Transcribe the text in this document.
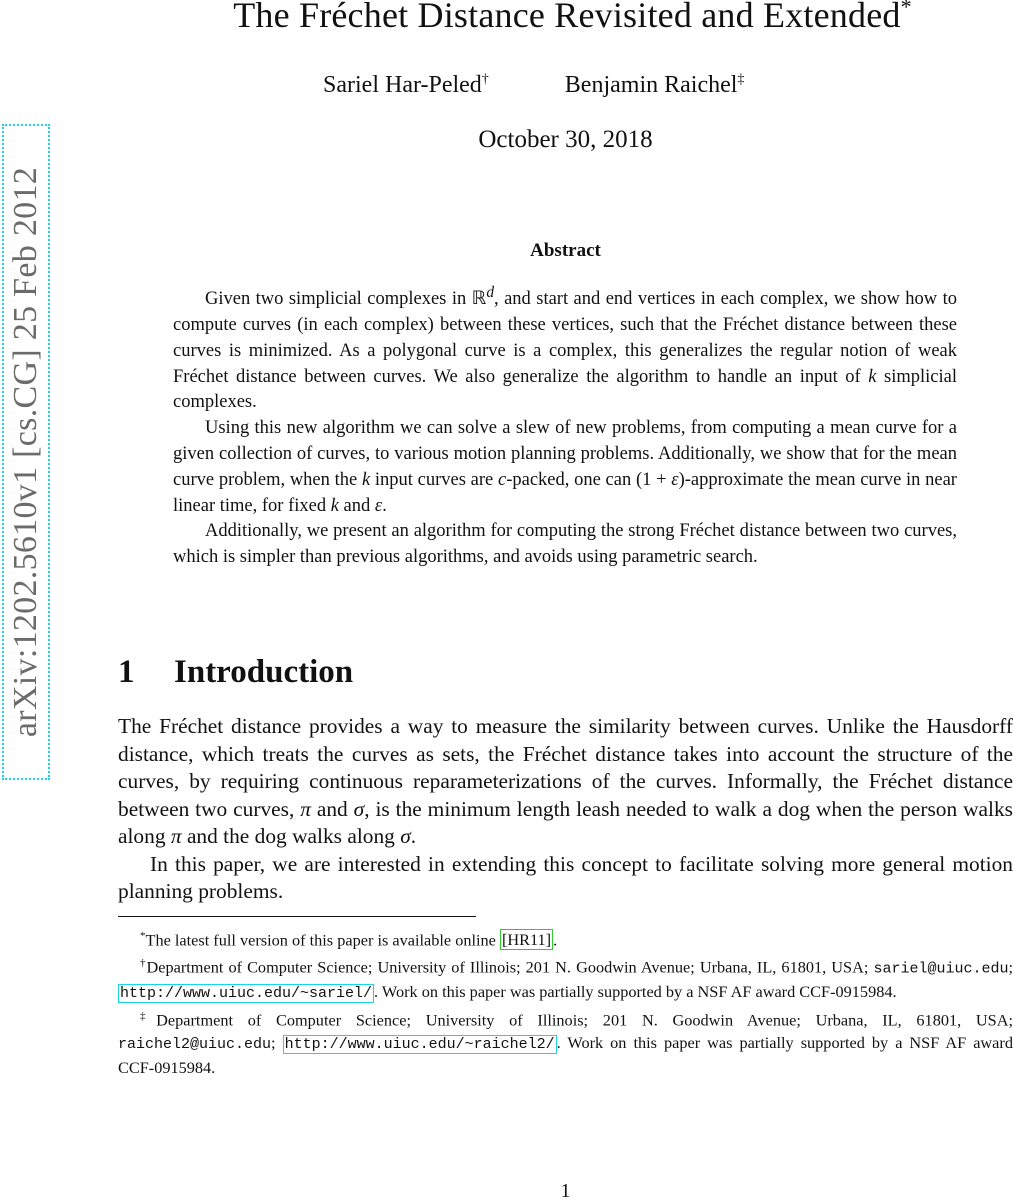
arXiv:1202.5610v1 [cs.CG] 25 Feb 2012
The Fréchet Distance Revisited and Extended*
Sariel Har-Peled†	Benjamin Raichel‡
October 30, 2018
Abstract

Given two simplicial complexes in ℝ$^d$, and start and end vertices in each complex, we show how to compute curves (in each complex) between these vertices, such that the Fréchet distance between these curves is minimized. As a polygonal curve is a complex, this generalizes the regular notion of weak Fréchet distance between curves. We also generalize the algorithm to handle an input of k simplicial complexes.

Using this new algorithm we can solve a slew of new problems, from computing a mean curve for a given collection of curves, to various motion planning problems. Additionally, we show that for the mean curve problem, when the k input curves are c-packed, one can (1 + ε)-approximate the mean curve in near linear time, for fixed k and ε.

Additionally, we present an algorithm for computing the strong Fréchet distance between two curves, which is simpler than previous algorithms, and avoids using parametric search.

1 Introduction

The Fréchet distance provides a way to measure the similarity between curves. Unlike the Hausdorff distance, which treats the curves as sets, the Fréchet distance takes into account the structure of the curves, by requiring continuous reparameterizations of the curves. Informally, the Fréchet distance between two curves, π and σ, is the minimum length leash needed to walk a dog when the person walks along π and the dog walks along σ.

In this paper, we are interested in extending this concept to facilitate solving more general motion planning problems.

*The latest full version of this paper is available online [HR11] .

†Department of Computer Science; University of Illinois; 201 N. Goodwin Avenue; Urbana, IL, 61801, USA; sariel@uiuc.edu; http://www.uiuc.edu/~sariel/ . Work on this paper was partially supported by a NSF AF award CCF-0915984.

‡Department of Computer Science; University of Illinois; 201 N. Goodwin Avenue; Urbana, IL, 61801, USA; raichel2@uiuc.edu; http://www.uiuc.edu/~raichel2/ . Work on this paper was partially supported by a NSF AF award CCF-0915984.

1
